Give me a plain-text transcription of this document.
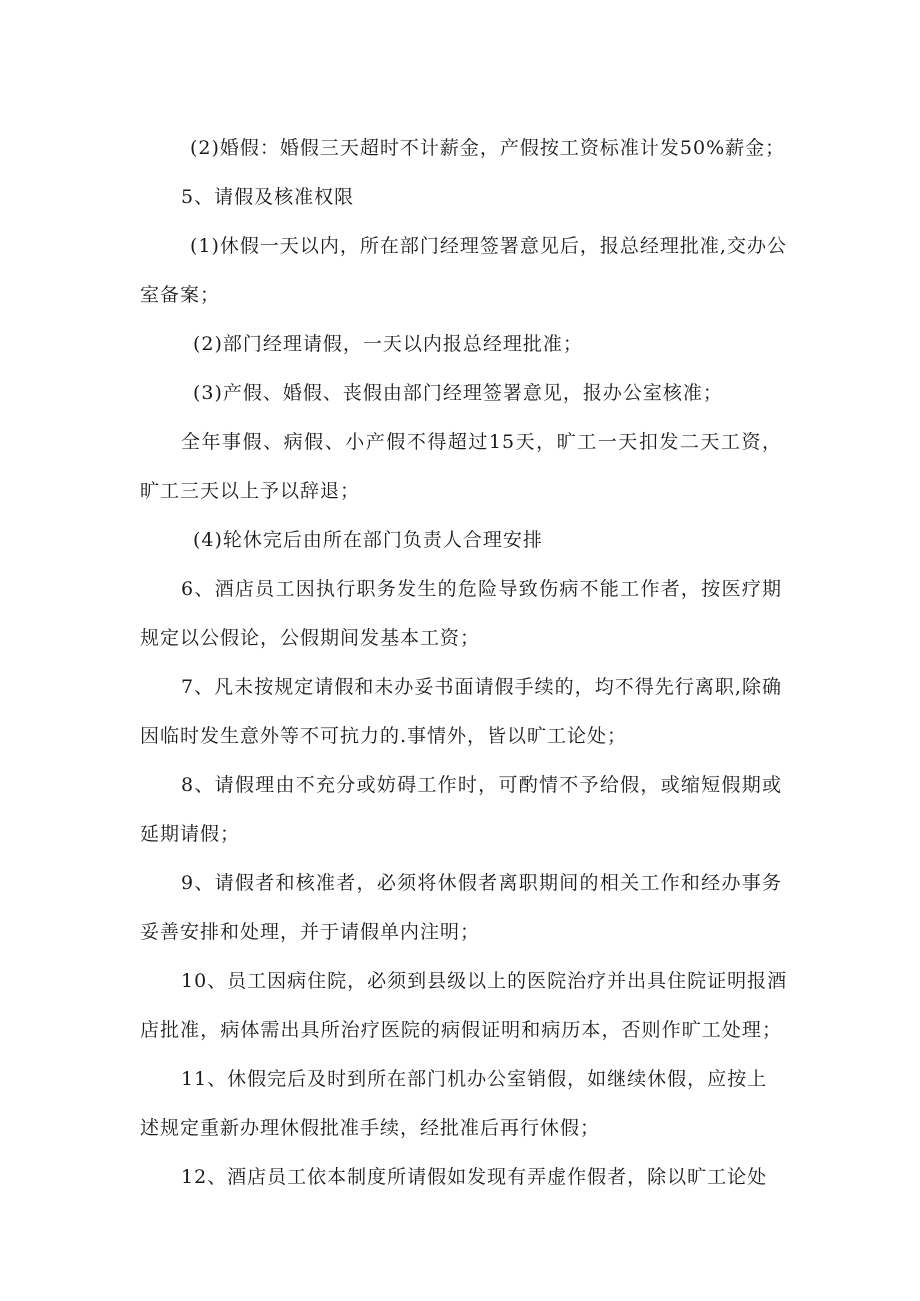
(2)婚假：婚假三天超时不计薪金，产假按工资标准计发50%薪金；
5、请假及核准权限
(1)休假一天以内，所在部门经理签署意见后，报总经理批准,交办公
室备案；
(2)部门经理请假，一天以内报总经理批准；
(3)产假、婚假、丧假由部门经理签署意见，报办公室核准；
全年事假、病假、小产假不得超过15天，旷工一天扣发二天工资，
旷工三天以上予以辞退；
(4)轮休完后由所在部门负责人合理安排
6、酒店员工因执行职务发生的危险导致伤病不能工作者，按医疗期
规定以公假论，公假期间发基本工资；
7、凡未按规定请假和未办妥书面请假手续的，均不得先行离职,除确
因临时发生意外等不可抗力的.事情外，皆以旷工论处；
8、请假理由不充分或妨碍工作时，可酌情不予给假，或缩短假期或
延期请假；
9、请假者和核准者，必须将休假者离职期间的相关工作和经办事务
妥善安排和处理，并于请假单内注明；
10、员工因病住院，必须到县级以上的医院治疗并出具住院证明报酒
店批准，病体需出具所治疗医院的病假证明和病历本，否则作旷工处理；
11、休假完后及时到所在部门机办公室销假，如继续休假，应按上
述规定重新办理休假批准手续，经批准后再行休假；
12、酒店员工依本制度所请假如发现有弄虚作假者，除以旷工论处
